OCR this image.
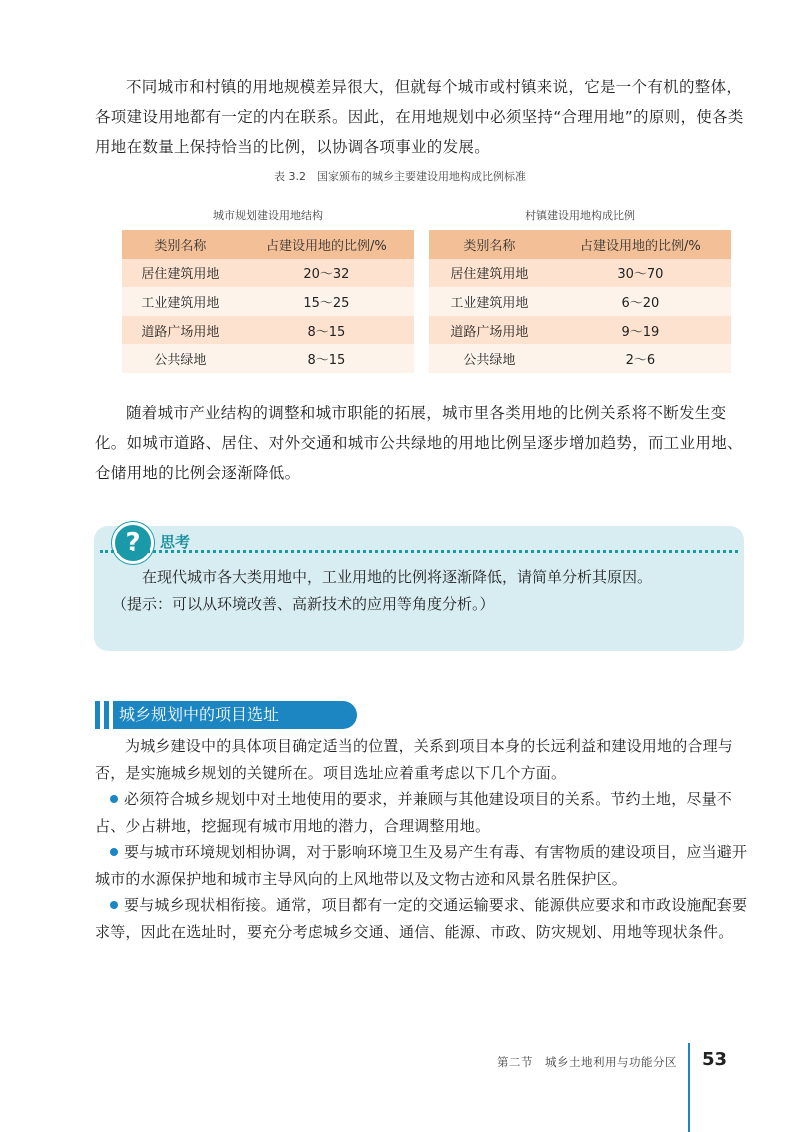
不同城市和村镇的用地规模差异很大，但就每个城市或村镇来说，它是一个有机的整体，各项建设用地都有一定的内在联系。因此，在用地规划中必须坚持“合理用地”的原则，使各类用地在数量上保持恰当的比例，以协调各项事业的发展。

表 3.2　国家颁布的城乡主要建设用地构成比例标准
城市规划建设用地结构	村镇建设用地构成比例
类别名称	占建设用地的比例/%
居住建筑用地	20～32
工业建筑用地	15～25
道路广场用地	8～15
公共绿地	8～15
类别名称	占建设用地的比例/%
居住建筑用地	30～70
工业建筑用地	6～20
道路广场用地	9～19
公共绿地	2～6

随着城市产业结构的调整和城市职能的拓展，城市里各类用地的比例关系将不断发生变化。如城市道路、居住、对外交通和城市公共绿地的用地比例呈逐步增加趋势，而工业用地、仓储用地的比例会逐渐降低。

?	思考

在现代城市各大类用地中，工业用地的比例将逐渐降低，请简单分析其原因。
（提示：可以从环境改善、高新技术的应用等角度分析。）

城乡规划中的项目选址

为城乡建设中的具体项目确定适当的位置，关系到项目本身的长远利益和建设用地的合理与否，是实施城乡规划的关键所在。项目选址应着重考虑以下几个方面。

必须符合城乡规划中对土地使用的要求，并兼顾与其他建设项目的关系。节约土地，尽量不占、少占耕地，挖掘现有城市用地的潜力，合理调整用地。

要与城市环境规划相协调，对于影响环境卫生及易产生有毒、有害物质的建设项目，应当避开城市的水源保护地和城市主导风向的上风地带以及文物古迹和风景名胜保护区。

要与城乡现状相衔接。通常，项目都有一定的交通运输要求、能源供应要求和市政设施配套要求等，因此在选址时，要充分考虑城乡交通、通信、能源、市政、防灾规划、用地等现状条件。

第二节　城乡土地利用与功能分区 53
